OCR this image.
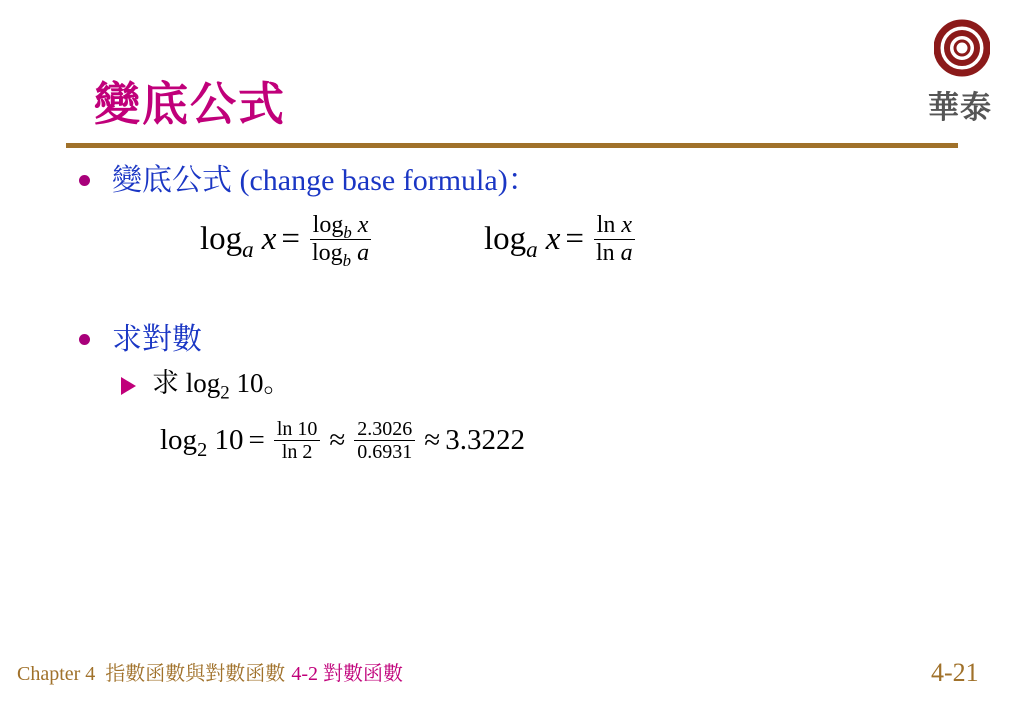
變底公式	華泰
變底公式 (change base formula)：
$\log_a x = \frac{\log_b x}{\log_b a}$	$\log_a x = \frac{\text{ln x}}{\text{ln a}}$
求對數
求 $\log_2 10$。
$\log_2 10 = \frac{\ln 10}{\ln 2} \approx \frac{2.3026}{0.6931} \approx 3.3222$
Chapter 4 指數函數與對數函數 4-2 對數函數	4-21
